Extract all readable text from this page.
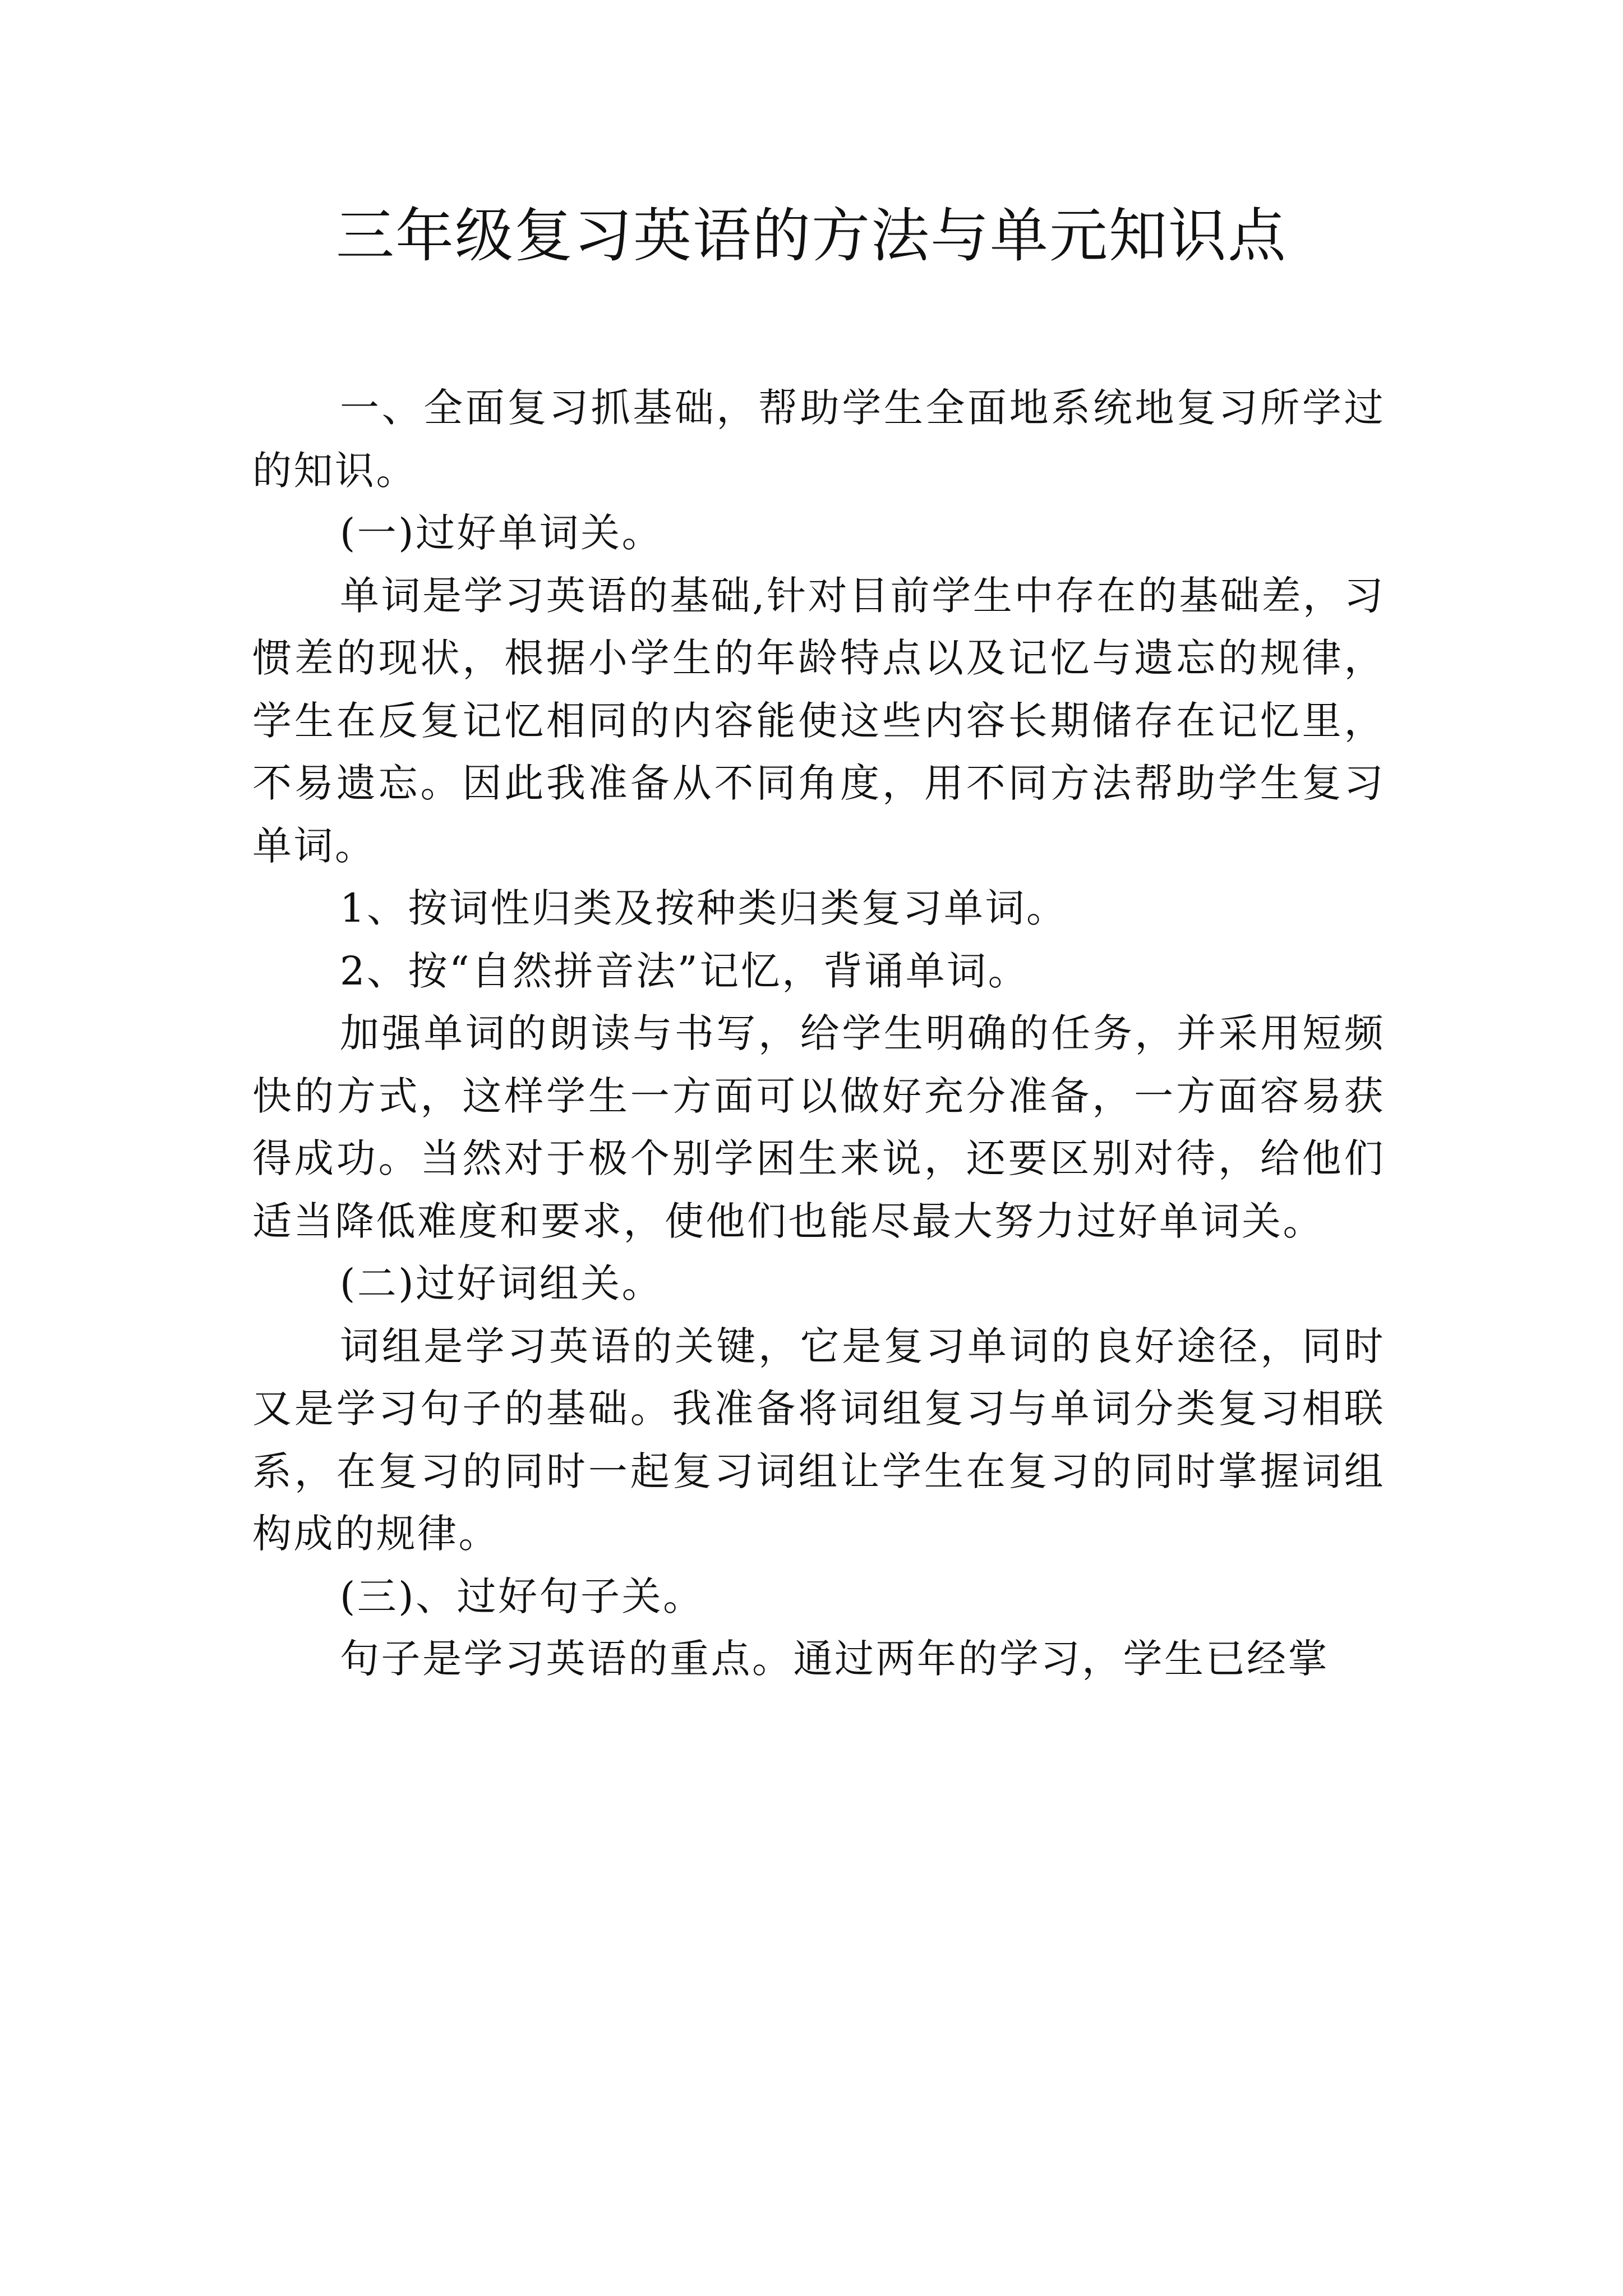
三年级复习英语的方法与单元知识点

一、全面复习抓基础，帮助学生全面地系统地复习所学过的知识。

(一)过好单词关。

单词是学习英语的基础,针对目前学生中存在的基础差，习惯差的现状，根据小学生的年龄特点以及记忆与遗忘的规律，学生在反复记忆相同的内容能使这些内容长期储存在记忆里，不易遗忘。因此我准备从不同角度，用不同方法帮助学生复习单词。

1、按词性归类及按种类归类复习单词。

2、按“自然拼音法”记忆，背诵单词。

加强单词的朗读与书写，给学生明确的任务，并采用短频快的方式，这样学生一方面可以做好充分准备，一方面容易获得成功。当然对于极个别学困生来说，还要区别对待，给他们适当降低难度和要求，使他们也能尽最大努力过好单词关。

(二)过好词组关。

词组是学习英语的关键，它是复习单词的良好途径，同时又是学习句子的基础。我准备将词组复习与单词分类复习相联系，在复习的同时一起复习词组让学生在复习的同时掌握词组构成的规律。

(三)、过好句子关。

句子是学习英语的重点。通过两年的学习，学生已经掌
